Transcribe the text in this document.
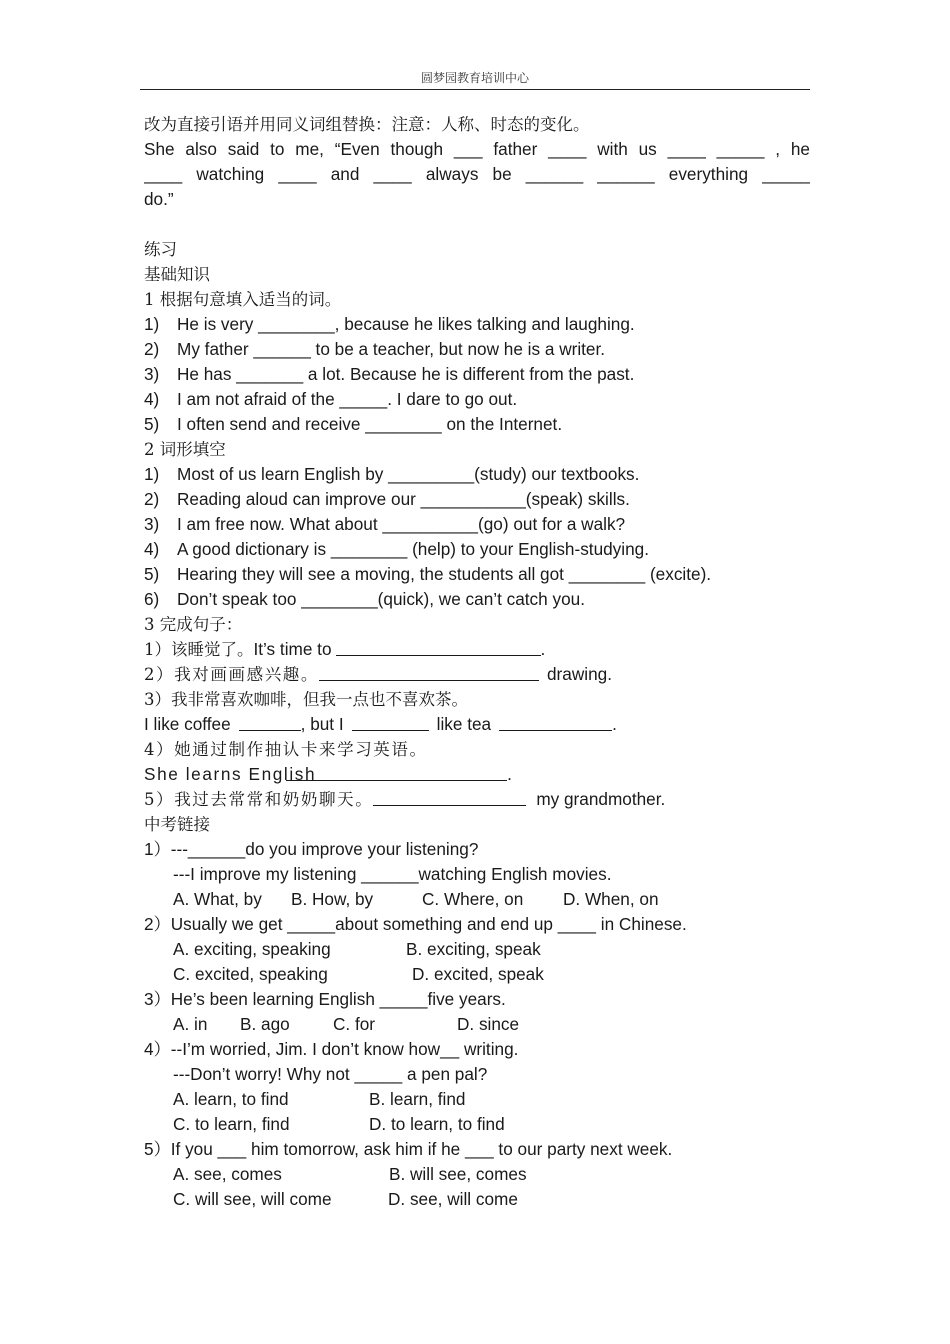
圆梦园教育培训中心
改为直接引语并用同义词组替换：注意：人称、时态的变化。
She also said to me, “Even though ___ father ____ with us ____ _____ , he
____ watching ____ and ____ always be ______ ______ everything _____
do.”
练习
基础知识
1 根据句意填入适当的词。
1) He is very ________, because he likes talking and laughing.
2) My father ______ to be a teacher, but now he is a writer.
3) He has _______ a lot. Because he is different from the past.
4) I am not afraid of the _____. I dare to go out.
5) I often send and receive ________ on the Internet.
2 词形填空
1) Most of us learn English by _________(study) our textbooks.
2) Reading aloud can improve our ___________(speak) skills.
3) I am free now. What about __________(go) out for a walk?
4) A good dictionary is ________ (help) to your English-studying.
5) Hearing they will see a moving, the students all got ________ (excite).
6) Don’t speak too ________(quick), we can’t catch you.
3 完成句子：
1）该睡觉了。It’s time to	.
2）我对画画感兴趣。	drawing.
3）我非常喜欢咖啡，但我一点也不喜欢茶。
I like coffee	, but I	like tea	.
4）她通过制作抽认卡来学习英语。
She learns English	.
5）我过去常常和奶奶聊天。	my grandmother.
中考链接
1）---______do you improve your listening?
---I improve my listening ______watching English movies.
A. What, by B. How, by	C. Where, on D. When, on
2）Usually we get _____about something and end up ____ in Chinese.
A. exciting, speaking	B. exciting, speak
C. excited, speaking	D. excited, speak
3）He’s been learning English _____five years.
A. in B. ago	C. for	D. since
4）--I’m worried, Jim. I don’t know how__ writing.
---Don’t worry! Why not _____ a pen pal?
A. learn, to find	B. learn, find
C. to learn, find	D. to learn, to find
5）If you ___ him tomorrow, ask him if he ___ to our party next week.
A. see, comes	B. will see, comes
C. will see, will come	D. see, will come
